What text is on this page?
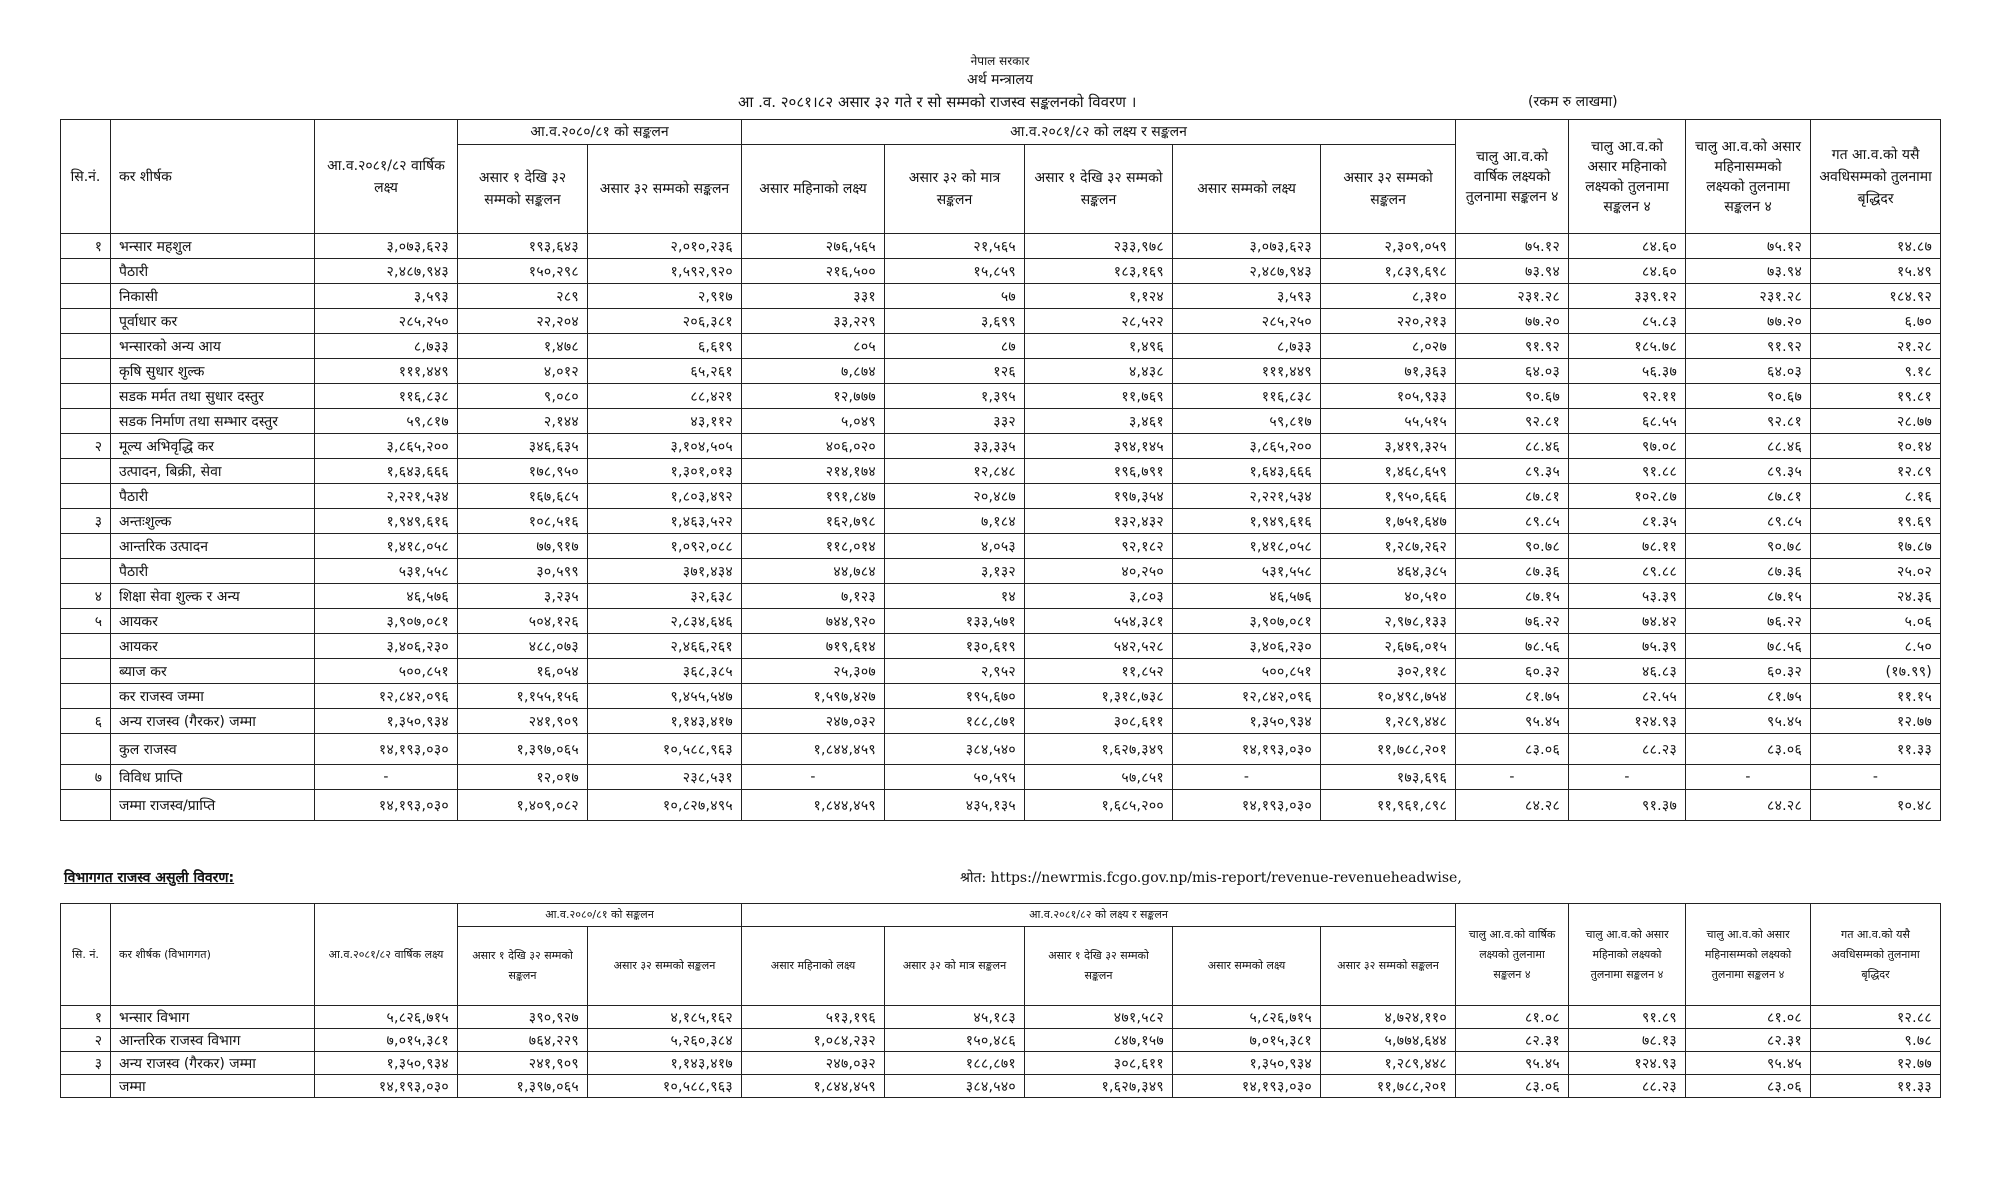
नेपाल सरकार
अर्थ मन्त्रालय
आ .व. २०८१।८२ असार ३२ गते र सो सम्मको राजस्व सङ्कलनको विवरण ।	(रकम रु लाखमा)
सि.नं.	कर शीर्षक	आ.व.२०८१/८२ वार्षिक लक्ष्य	आ.व.२०८०/८१ को सङ्कलन		आ.व.२०८१/८२ को लक्ष्य र सङ्कलन					चालु आ.व.को वार्षिक लक्ष्यको तुलनामा सङ्कलन ४	चालु आ.व.को असार महिनाको लक्ष्यको तुलनामा सङ्कलन ४	चालु आ.व.को असार महिनासम्मको लक्ष्यको तुलनामा सङ्कलन ४	गत आ.व.को यसै अवधिसम्मको तुलनामा बृद्धिदर
			असार १ देखि ३२ सम्मको सङ्कलन	असार ३२ सम्मको सङ्कलन	असार महिनाको लक्ष्य	असार ३२ को मात्र सङ्कलन	असार १ देखि ३२ सम्मको सङ्कलन	असार सम्मको लक्ष्य	असार ३२ सम्मको सङ्कलन				
१	भन्सार महशुल	३,०७३,६२३	१९३,६४३	२,०१०,२३६	२७६,५६५	२१,५६५	२३३,९७८	३,०७३,६२३	२,३०९,०५९	७५.१२	८४.६०	७५.१२	१४.८७
	पैठारी	२,४८७,९४३	१५०,२९८	१,५९२,९२०	२१६,५००	१५,८५९	१८३,१६९	२,४८७,९४३	१,८३९,६९८	७३.९४	८४.६०	७३.९४	१५.४९
	निकासी	३,५९३	२८९	२,९१७	३३१	५७	१,१२४	३,५९३	८,३१०	२३१.२८	३३९.१२	२३१.२८	१८४.९२
	पूर्वाधार कर	२८५,२५०	२२,२०४	२०६,३८१	३३,२२९	३,६९९	२८,५२२	२८५,२५०	२२०,२१३	७७.२०	८५.८३	७७.२०	६.७०
	भन्सारको अन्य आय	८,७३३	१,४७८	६,६१९	८०५	८७	१,४९६	८,७३३	८,०२७	९१.९२	१८५.७८	९१.९२	२१.२८
	कृषि सुधार शुल्क	१११,४४९	४,०१२	६५,२६१	७,८७४	१२६	४,४३८	१११,४४९	७१,३६३	६४.०३	५६.३७	६४.०३	९.१८
	सडक मर्मत तथा सुधार दस्तुर	११६,८३८	९,०८०	८८,४२१	१२,७७७	१,३९५	११,७६९	११६,८३८	१०५,९३३	९०.६७	९२.११	९०.६७	१९.८१
	सडक निर्माण तथा सम्भार दस्तुर	५९,८१७	२,१४४	४३,११२	५,०४९	३३२	३,४६१	५९,८१७	५५,५१५	९२.८१	६८.५५	९२.८१	२८.७७
२	मूल्य अभिवृद्धि कर	३,८६५,२००	३४६,६३५	३,१०४,५०५	४०६,०२०	३३,३३५	३९४,१४५	३,८६५,२००	३,४१९,३२५	८८.४६	९७.०८	८८.४६	१०.१४
	उत्पादन, बिक्री, सेवा	१,६४३,६६६	१७८,९५०	१,३०१,०१३	२१४,१७४	१२,८४८	१९६,७९१	१,६४३,६६६	१,४६८,६५९	८९.३५	९१.८८	८९.३५	१२.८९
	पैठारी	२,२२१,५३४	१६७,६८५	१,८०३,४९२	१९१,८४७	२०,४८७	१९७,३५४	२,२२१,५३४	१,९५०,६६६	८७.८१	१०२.८७	८७.८१	८.१६
३	अन्तःशुल्क	१,९४९,६१६	१०८,५१६	१,४६३,५२२	१६२,७९८	७,१८४	१३२,४३२	१,९४९,६१६	१,७५१,६४७	८९.८५	८१.३५	८९.८५	१९.६९
	आन्तरिक उत्पादन	१,४१८,०५८	७७,९१७	१,०९२,०८८	११८,०१४	४,०५३	९२,१८२	१,४१८,०५८	१,२८७,२६२	९०.७८	७८.११	९०.७८	१७.८७
	पैठारी	५३१,५५८	३०,५९९	३७१,४३४	४४,७८४	३,१३२	४०,२५०	५३१,५५८	४६४,३८५	८७.३६	८९.८८	८७.३६	२५.०२
४	शिक्षा सेवा शुल्क र अन्य	४६,५७६	३,२३५	३२,६३८	७,१२३	१४	३,८०३	४६,५७६	४०,५१०	८७.१५	५३.३९	८७.१५	२४.३६
५	आयकर	३,९०७,०८१	५०४,१२६	२,८३४,६४६	७४४,९२०	१३३,५७१	५५४,३८१	३,९०७,०८१	२,९७८,१३३	७६.२२	७४.४२	७६.२२	५.०६
	आयकर	३,४०६,२३०	४८८,०७३	२,४६६,२६१	७१९,६१४	१३०,६१९	५४२,५२८	३,४०६,२३०	२,६७६,०१५	७८.५६	७५.३९	७८.५६	८.५०
	ब्याज कर	५००,८५१	१६,०५४	३६८,३८५	२५,३०७	२,९५२	११,८५२	५००,८५१	३०२,११८	६०.३२	४६.८३	६०.३२	(१७.९९)
	कर राजस्व जम्मा	१२,८४२,०९६	१,१५५,१५६	९,४५५,५४७	१,५९७,४२७	१९५,६७०	१,३१८,७३८	१२,८४२,०९६	१०,४९८,७५४	८१.७५	८२.५५	८१.७५	११.१५
६	अन्य राजस्व (गैरकर) जम्मा	१,३५०,९३४	२४१,९०९	१,१४३,४१७	२४७,०३२	१८८,८७१	३०८,६११	१,३५०,९३४	१,२८९,४४८	९५.४५	१२४.९३	९५.४५	१२.७७
	कुल राजस्व	१४,१९३,०३०	१,३९७,०६५	१०,५८८,९६३	१,८४४,४५९	३८४,५४०	१,६२७,३४९	१४,१९३,०३०	११,७८८,२०१	८३.०६	८८.२३	८३.०६	११.३३
७	विविध प्राप्ति	-	१२,०१७	२३८,५३१	-	५०,५९५	५७,८५१	-	१७३,६९६	-	-	-	-
	जम्मा राजस्व/प्राप्ति	१४,१९३,०३०	१,४०९,०८२	१०,८२७,४९५	१,८४४,४५९	४३५,१३५	१,६८५,२००	१४,१९३,०३०	११,९६१,८९८	८४.२८	९१.३७	८४.२८	१०.४८
विभागगत राजस्व असुली विवरण:	श्रोत: https://newrmis.fcgo.gov.np/mis-report/revenue-revenueheadwise,
सि. नं.	कर शीर्षक (विभागगत)	आ.व.२०८१/८२ वार्षिक लक्ष्य	आ.व.२०८०/८१ को सङ्कलन		आ.व.२०८१/८२ को लक्ष्य र सङ्कलन					चालु आ.व.को वार्षिक लक्ष्यको तुलनामा सङ्कलन ४	चालु आ.व.को असार महिनाको लक्ष्यको तुलनामा सङ्कलन ४	चालु आ.व.को असार महिनासम्मको लक्ष्यको तुलनामा सङ्कलन ४	गत आ.व.को यसै अवधिसम्मको तुलनामा बृद्धिदर
			असार १ देखि ३२ सम्मको सङ्कलन	असार ३२ सम्मको सङ्कलन	असार महिनाको लक्ष्य	असार ३२ को मात्र सङ्कलन	असार १ देखि ३२ सम्मको सङ्कलन	असार सम्मको लक्ष्य	असार ३२ सम्मको सङ्कलन				
१	भन्सार विभाग	५,८२६,७१५	३९०,९२७	४,१८५,१६२	५१३,१९६	४५,१८३	४७१,५८२	५,८२६,७१५	४,७२४,११०	८१.०८	९१.८९	८१.०८	१२.८८
२	आन्तरिक राजस्व विभाग	७,०१५,३८१	७६४,२२९	५,२६०,३८४	१,०८४,२३२	१५०,४८६	८४७,१५७	७,०१५,३८१	५,७७४,६४४	८२.३१	७८.१३	८२.३१	९.७८
३	अन्य राजस्व (गैरकर) जम्मा	१,३५०,९३४	२४१,९०९	१,१४३,४१७	२४७,०३२	१८८,८७१	३०८,६११	१,३५०,९३४	१,२८९,४४८	९५.४५	१२४.९३	९५.४५	१२.७७
	जम्मा	१४,१९३,०३०	१,३९७,०६५	१०,५८८,९६३	१,८४४,४५९	३८४,५४०	१,६२७,३४९	१४,१९३,०३०	११,७८८,२०१	८३.०६	८८.२३	८३.०६	११.३३
